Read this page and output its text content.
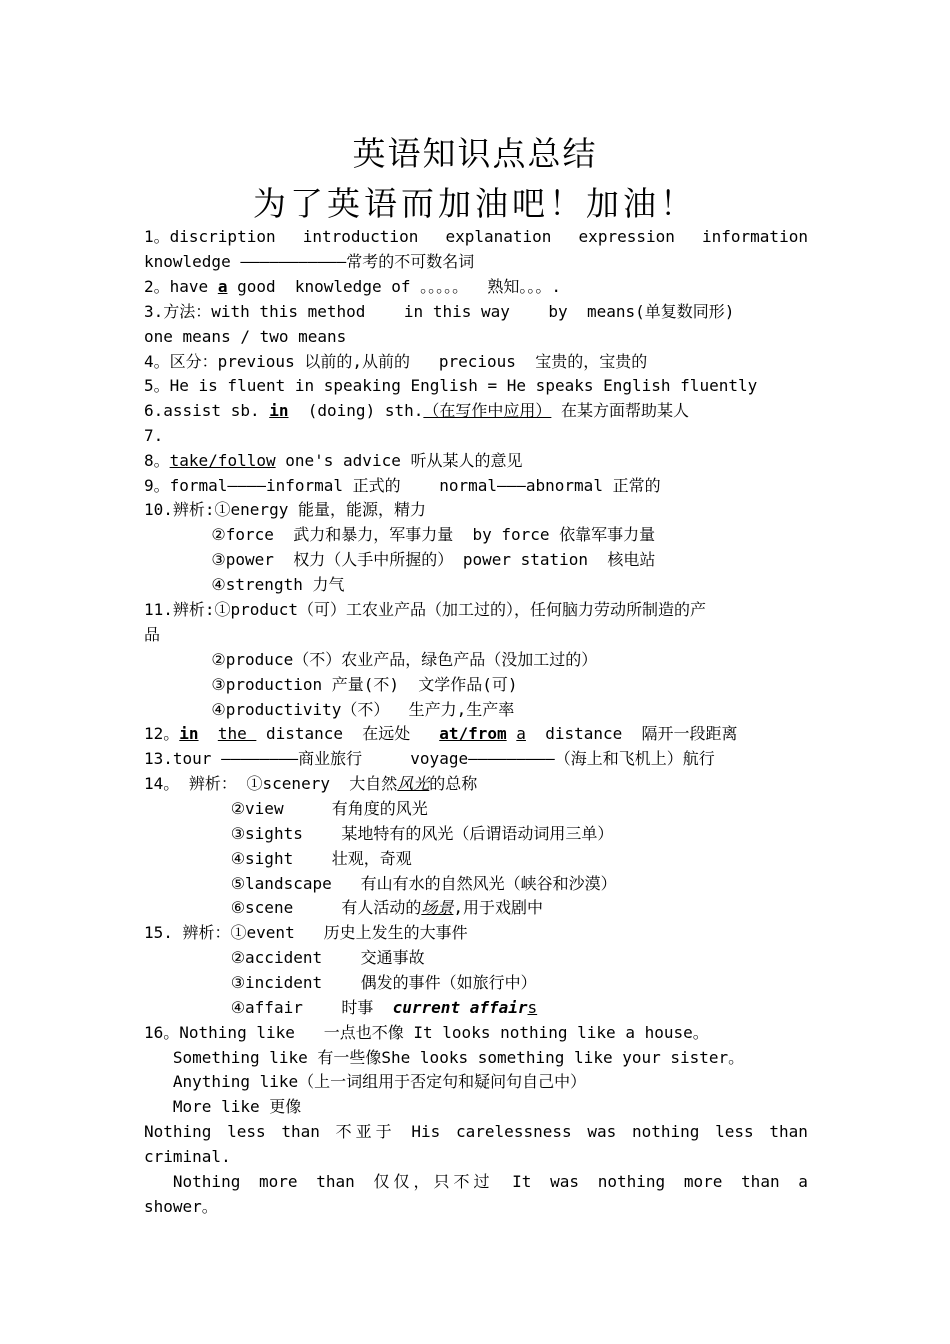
英语知识点总结
为了英语而加油吧！加油！
1。discription introduction explanation expression information
knowledge ———————————常考的不可数名词
2。have a good  knowledge of 。。。。。  熟知。。。.
3.方法：with this method    in this way    by  means(单复数同形)
one means / two means
4。区分：previous 以前的,从前的   precious  宝贵的，宝贵的
5。He is fluent in speaking English = He speaks English fluently
6.assist sb. in  (doing) sth.（在写作中应用） 在某方面帮助某人
7.
8。take/follow one's advice 听从某人的意见
9。formal————informal 正式的    normal———abnormal 正常的
10.辨析:①energy 能量，能源，精力
②force  武力和暴力，军事力量  by force 依靠军事力量
③power  权力（人手中所握的） power station  核电站
④strength 力气
11.辨析:①product（可）工农业产品（加工过的），任何脑力劳动所制造的产
品
②produce（不）农业产品，绿色产品（没加工过的）
③production 产量(不)  文学作品(可)
④productivity（不）  生产力,生产率
12。in the  distance  在远处   at/from a  distance  隔开一段距离
13.tour ————————商业旅行     voyage—————————（海上和飞机上）航行
14。 辨析： ①scenery  大自然风光的总称
②view     有角度的风光
③sights    某地特有的风光（后谓语动词用三单）
④sight    壮观，奇观
⑤landscape   有山有水的自然风光（峡谷和沙漠）
⑥scene     有人活动的场景,用于戏剧中
15. 辨析：①event   历史上发生的大事件
②accident    交通事故
③incident    偶发的事件（如旅行中）
④affair    时事  current affairs
16。Nothing like   一点也不像 It looks nothing like a house。
Something like 有一些像She looks something like your sister。
Anything like（上一词组用于否定句和疑问句自己中）
More like 更像
Nothing less than 不亚于 His carelessness was nothing less than
criminal.
Nothing more than 仅仅，只不过 It was nothing more than a
shower。
